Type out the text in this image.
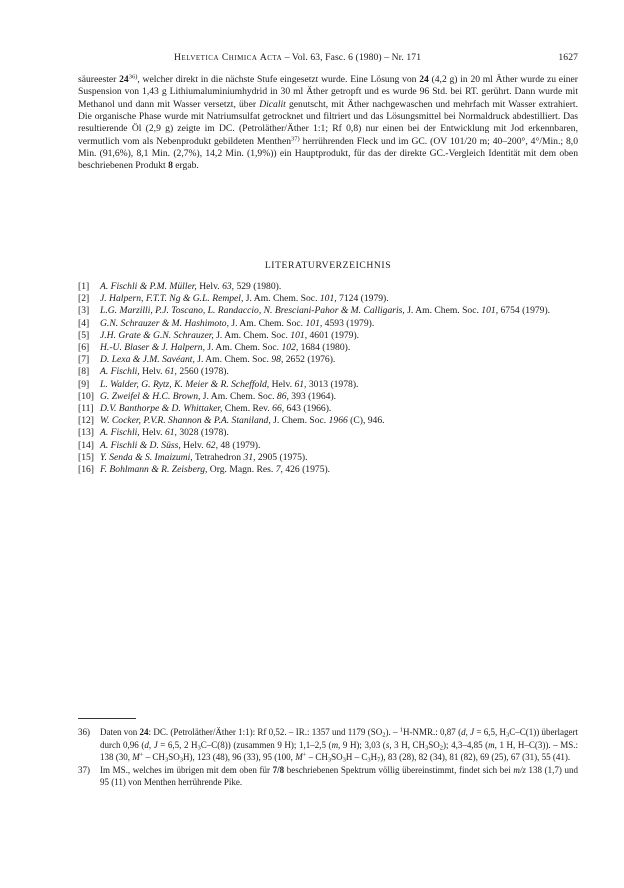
Helvetica Chimica Acta – Vol. 63, Fasc. 6 (1980) – Nr. 171	1627

säureester 24$^{36)}$, welcher direkt in die nächste Stufe eingesetzt wurde. Eine Lösung von 24 (4,2 g) in 20 ml Äther wurde zu einer Suspension von 1,43 g Lithiumaluminiumhydrid in 30 ml Äther getropft und es wurde 96 Std. bei RT. gerührt. Dann wurde mit Methanol und dann mit Wasser versetzt, über Dicalit genutscht, mit Äther nachgewaschen und mehrfach mit Wasser extrahiert. Die organische Phase wurde mit Natriumsulfat getrocknet und filtriert und das Lösungsmittel bei Normaldruck abdestilliert. Das resultierende Öl (2,9 g) zeigte im DC. (Petroläther/Äther 1:1; Rf 0,8) nur einen bei der Entwicklung mit Jod erkennbaren, vermutlich vom als Nebenprodukt gebildeten Menthen$^{37)}$ herrührenden Fleck und im GC. (OV 101/20 m; 40–200°, 4°/Min.; 8,0 Min. (91,6%), 8,1 Min. (2,7%), 14,2 Min. (1,9%)) ein Hauptprodukt, für das der direkte GC.-Vergleich Identität mit dem oben beschriebenen Produkt 8 ergab.

LITERATURVERZEICHNIS
[1]	A. Fischli & P.M. Müller, Helv. 63, 529 (1980).
[2]	J. Halpern, F.T.T. Ng & G.L. Rempel, J. Am. Chem. Soc. 101, 7124 (1979).
[3]	L.G. Marzilli, P.J. Toscano, L. Randaccio, N. Bresciani-Pahor & M. Calligaris, J. Am. Chem. Soc. 101, 6754 (1979).
[4]	G.N. Schrauzer & M. Hashimoto, J. Am. Chem. Soc. 101, 4593 (1979).
[5]	J.H. Grate & G.N. Schrauzer, J. Am. Chem. Soc. 101, 4601 (1979).
[6]	H.-U. Blaser & J. Halpern, J. Am. Chem. Soc. 102, 1684 (1980).
[7]	D. Lexa & J.M. Savéant, J. Am. Chem. Soc. 98, 2652 (1976).
[8]	A. Fischli, Helv. 61, 2560 (1978).
[9]	L. Walder, G. Rytz, K. Meier & R. Scheffold, Helv. 61, 3013 (1978).
[10] G. Zweifel & H.C. Brown, J. Am. Chem. Soc. 86, 393 (1964).
[11] D.V. Banthorpe & D. Whittaker, Chem. Rev. 66, 643 (1966).
[12] W. Cocker, P.V.R. Shannon & P.A. Staniland, J. Chem. Soc. 1966 (C), 946.
[13] A. Fischli, Helv. 61, 3028 (1978).
[14] A. Fischli & D. Süss, Helv. 62, 48 (1979).
[15] Y. Senda & S. Imaizumi, Tetrahedron 31, 2905 (1975).
[16] F. Bohlmann & R. Zeisberg, Org. Magn. Res. 7, 426 (1975).
36)	Daten von 24: DC. (Petroläther/Äther 1:1): Rf 0,52. – IR.: 1357 und 1179 $(SO_2)$. – $^1$H-NMR.: 0,87 (d, J = 6,5, $H_3C-C(1)$) überlagert durch 0,96 (d, J = 6,5, 2 $H_3C-C(8)$) (zusammen 9 H); 1,1–2,5 (m, 9 H); 3,03 (s, 3 H, $CH_3SO_2$); 4,3–4,85 (m, 1 H, H–C(3)). – MS.: 138 (30, $M^+ - CH_3SO_3H$), 123 (48), 96 (33), 95 (100, $M^+ - CH_3SO_3H - C_3H_7$), 83 (28), 82 (34), 81 (82), 69 (25), 67 (31), 55 (41).
37)	Im MS., welches im übrigen mit dem oben für 7/8 beschriebenen Spektrum völlig übereinstimmt, findet sich bei m/z 138 (1,7) und 95 (11) von Menthen herrührende Pike.
